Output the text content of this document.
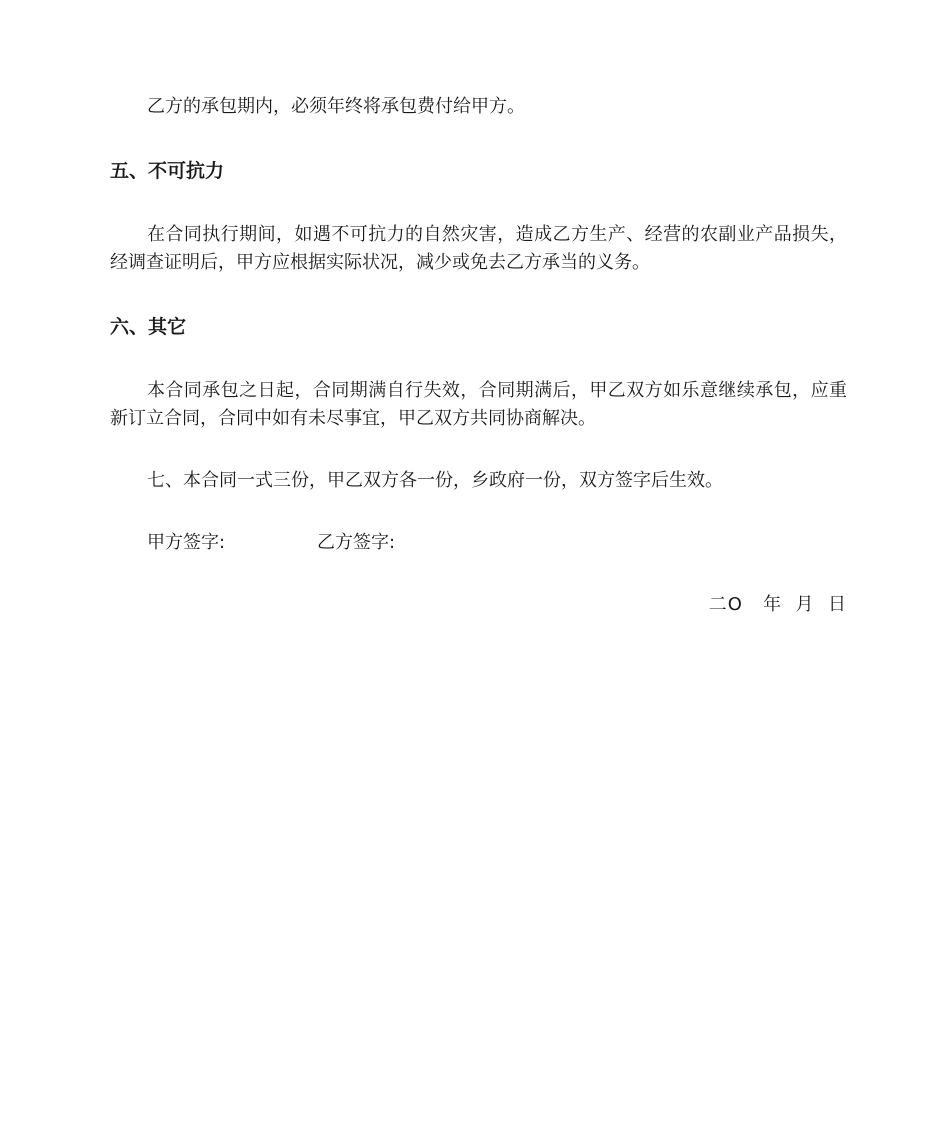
乙方的承包期内，必须年终将承包费付给甲方。

五、不可抗力

在合同执行期间，如遇不可抗力的自然灾害，造成乙方生产、经营的农副业产品损失，经调查证明后，甲方应根据实际状况，减少或免去乙方承当的义务。

六、其它

本合同承包之日起，合同期满自行失效，合同期满后，甲乙双方如乐意继续承包，应重新订立合同，合同中如有未尽事宜，甲乙双方共同协商解决。

七、本合同一式三份，甲乙双方各一份，乡政府一份，双方签字后生效。

甲方签字:	乙方签字:
二O   年  月  日
